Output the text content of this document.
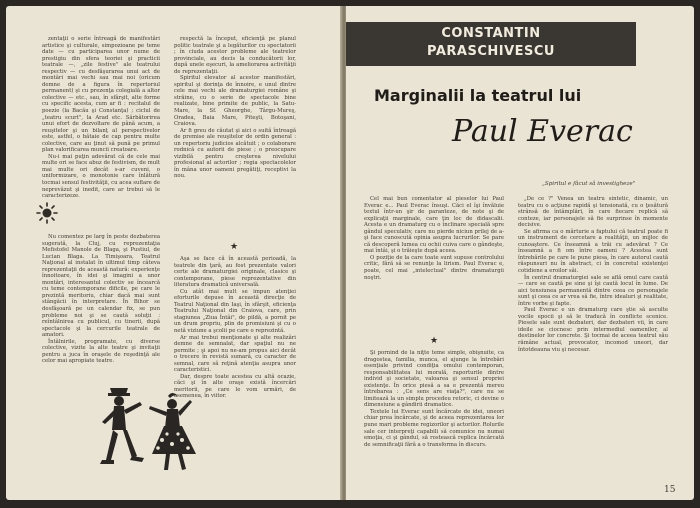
zentaţii o serie întreagă de manifestări artistice şi culturale, simpozioane pe teme date — cu participarea unor nume de prestigiu din sfera teoriei şi practicii teatrale —, „zile festive" ale teatrului respectiv — cu desfăşurarea unui act de montări mai vechi sau mai noi (oricum demne de a figura în repertoriul permanent) şi cu prezenţa colegială a altor colective — etc., sau, în sfârşit, alte forme cu specific acesta, cum ar fi : recitalul de poezie (la Bacău şi Constanţa) ; ciclul de „teatru scurt", la Arad etc. Sărbătorirea unui efort de dezvoltare de până acum, a reuşitelor şi un bilanţ al perspectivelor este, astfel, o bătaie de cap pentru multe colective, care au ţinut să pună pe primul plan valorificarea muncii creatoare.

Nu-i mai puţin adevărat că de cele mai multe ori se face abuz de festivism, de mult mai multe ori decât s-ar cuveni, o uniformizare, o monotonie care înlătură tocmai sensul festivităţii, cu acea suflare de neprevăzut şi inedit, care ar trebui să le caracterizeze.

Nu comentez pe larg în peste dezbaterea sugerată, la Cluj, cu reprezentaţia Mefistofel Manole de Blaga, şi Pustiul, de Lucian Blaga. La Timişoara, Teatrul Naţional al instalat în ultimul timp câteva reprezentaţii de această natură: experienţe înnoitoare, în idei şi imagini a unor montări, interesantul colectiv se încearcă cu teme contemporane dificile, pe care le prezintă meritoriu, chiar dacă mai sunt stângăcii în interpretare. În Bihor se desfăşoară pe un calendar fix, se pun probleme noi şi se caută soluţii : reîntâlnirea cu publicul, cu tinerii, după spectacole şi la cercurile teatrale de amatori.

Întâlnirile, programate, cu diverse colective, vizite la alte teatre şi invitaţii pentru a juca în oraşele de reşedinţă ale celor mai apropiate teatre.

respectă la început, eficienţă pe planul politic teatrale şi a legăturilor cu spectatorii ; în ciuda acestor probleme ale teatrelor provinciale, au decis la conducătorii lor, după unele eşecuri, la ameliorarea activităţii de reprezentaţii.

Spiritul elevator al acestor manifestări, spiritul şi dorinţa de înnoire, e unul dintre cele mai vechi ale dramaturgiei române şi străine, cu o serie de spectacole bine realizate, bine primite de public, la Satu-Mare, la Sf. Gheorghe, Târgu-Mureş, Oradea, Baia Mare, Piteşti, Botoşani, Craiova.

Ar fi greu de căutat şi aici o suită întreagă de premise ale reuşitelor de ordin general : un repertoriu judicios alcătuit ; o colaborare rodnică cu autorii de piese ; o preocupare vizibilă pentru creşterea nivelului profesional al actorilor ; regia spectacolelor în mâna unor oameni pregătiţi, receptivi la nou.

★

Aşa se face că în această perioadă, la teatrele din ţară, au fost prezentate valori certe ale dramaturgiei originale, clasice şi contemporane, piese reprezentative din literatura dramatică universală.

Cu atât mai mult se impun atenţiei eforturile depuse în această direcţie de Teatrul Naţional din Iaşi, în sfârşit, eficienţa Teatrului Naţional din Craiova, care, prin stagiunea „Ziua Întâi", de pildă, a pornit pe un drum propriu, plin de promisiuni şi cu o netă viziune a şcolii pe care o reprezintă.

Ar mai trebui menţionate şi alte realizări demne de semnalat, dar spaţiul nu ne permite ; şi apoi nu ne-am propus aici decât o trecere în revistă sumară, cu caracter de semnal, care să reţină atenţia asupra unor caracteristici.

Dar, despre toate acestea cu altă ocazie, căci şi în alte oraşe există încercări meritorii, pe care le vom urmări, de asemenea, în viitor.

CONSTANTIN
PARASCHIVESCU
Marginalii la teatrul lui
Paul Everac
„Spiritul e făcut să investigheze"

Cel mai bun comentator al pieselor lui Paul Everac e... Paul Everac însuşi. Căci el îşi învăluie textul într-un şir de paranteze, de note şi de explicaţii marginale, care ţin loc de didascalii. Acesta e un dramaturg cu o înclinare specială spre gândul speculativ, care nu pierde niciun prilej de a-şi face cunoscută opinia asupra lucrurilor. Se pare că descoperă lumea cu ochii cuiva care o gândeşte, mai întâi, şi o trăieşte după aceea.

O poziţie de la care toate sunt supuse controlului critic, fără să se renunţe la lirism. Paul Everac e, poate, cel mai „intelectual" dintre dramaturgii noştri.

★

Şi pornind de la niţte teme simple, obişnuite, ca dragostea, familia, munca, el ajunge la întrebări esenţiale privind condiţia omului contemporan, responsabilitatea lui morală, raporturile dintre individ şi societate, valoarea şi sensul propriei existenţe. În orice piesă a sa e prezentă mereu întrebarea : „Ce sens are viaţa?", care nu se limitează la un simplu procedeu retoric, ci devine o dimensiune a gândirii dramatice.

Textele lui Everac sunt încărcate de idei, uneori chiar prea încărcate, şi de aceea reprezentarea lor pune mari probleme regizorilor şi actorilor. Rolurile sale cer interpreţi capabili să comunice nu numai emoţia, ci şi gândul, să rostească replica încărcată de semnificaţii fără a o transforma în discurs.

„De ce ?" Venea un teatru sintetic, dinamic, un teatru cu o acţiune rapidă şi tensionată, cu o ţesătură strânsă de întâmplări, în care fiecare replică să conteze, iar personajele să fie surprinse în momente decisive.

Se afirma ca o mărturie a faptului că teatrul poate fi un instrument de cercetare a realităţii, un mijloc de cunoaştere. Ce înseamnă a trăi cu adevărat ? Ce înseamnă a fi om între oameni ? Acestea sunt întrebările pe care le pune piesa, în care autorul caută răspunsuri nu în abstract, ci în concretul existenţei cotidiene a eroilor săi.

În centrul dramaturgiei sale se află omul care caută — care se caută pe sine şi îşi caută locul în lume. De aici tensiunea permanentă dintre ceea ce personajele sunt şi ceea ce ar vrea să fie, între idealuri şi realitate, între vorbe şi fapte.

Paul Everac e un dramaturg care ştie să asculte vocile epocii şi să le traducă în conflicte scenice. Piesele sale sunt dezbateri, dar dezbateri vii, în care ideile se ciocnesc prin intermediul oamenilor, al destinelor lor concrete. Şi tocmai de aceea teatrul său rămâne actual, provocator, incomod uneori, dar întotdeauna viu şi necesar.

15
